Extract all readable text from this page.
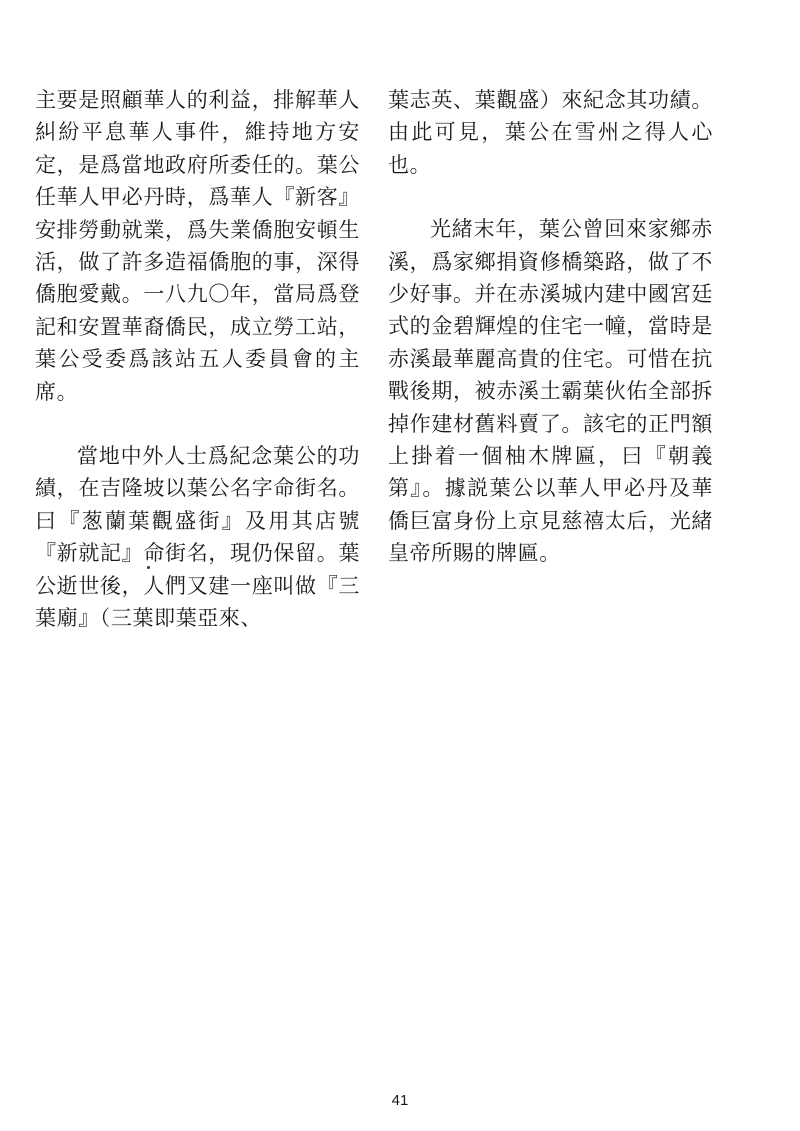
主要是照顧華人的利益，排解華人糾紛平息華人事件，維持地方安定，是爲當地政府所委任的。葉公任華人甲必丹時，爲華人『新客』安排勞動就業，爲失業僑胞安頓生活，做了許多造福僑胞的事，深得僑胞愛戴。一八九〇年，當局爲登記和安置華裔僑民，成立勞工站，葉公受委爲該站五人委員會的主席。

當地中外人士爲紀念葉公的功績，在吉隆坡以葉公名字命街名。曰『葱蘭葉觀盛街』及用其店號『新就記』命街名，現仍保留。葉公逝世後，人們又建一座叫做『三葉廟』（三葉即葉亞來、

葉志英、葉觀盛）來紀念其功績。由此可見，葉公在雪州之得人心也。

光緒末年，葉公曾回來家鄉赤溪，爲家鄉捐資修橋築路，做了不少好事。并在赤溪城内建中國宮廷式的金碧輝煌的住宅一幢，當時是赤溪最華麗高貴的住宅。可惜在抗戰後期，被赤溪土霸葉伙佑全部拆掉作建材舊料賣了。該宅的正門額上掛着一個柚木牌匾，曰『朝義第』。據説葉公以華人甲必丹及華僑巨富身份上京見慈禧太后，光緒皇帝所賜的牌匾。

41
